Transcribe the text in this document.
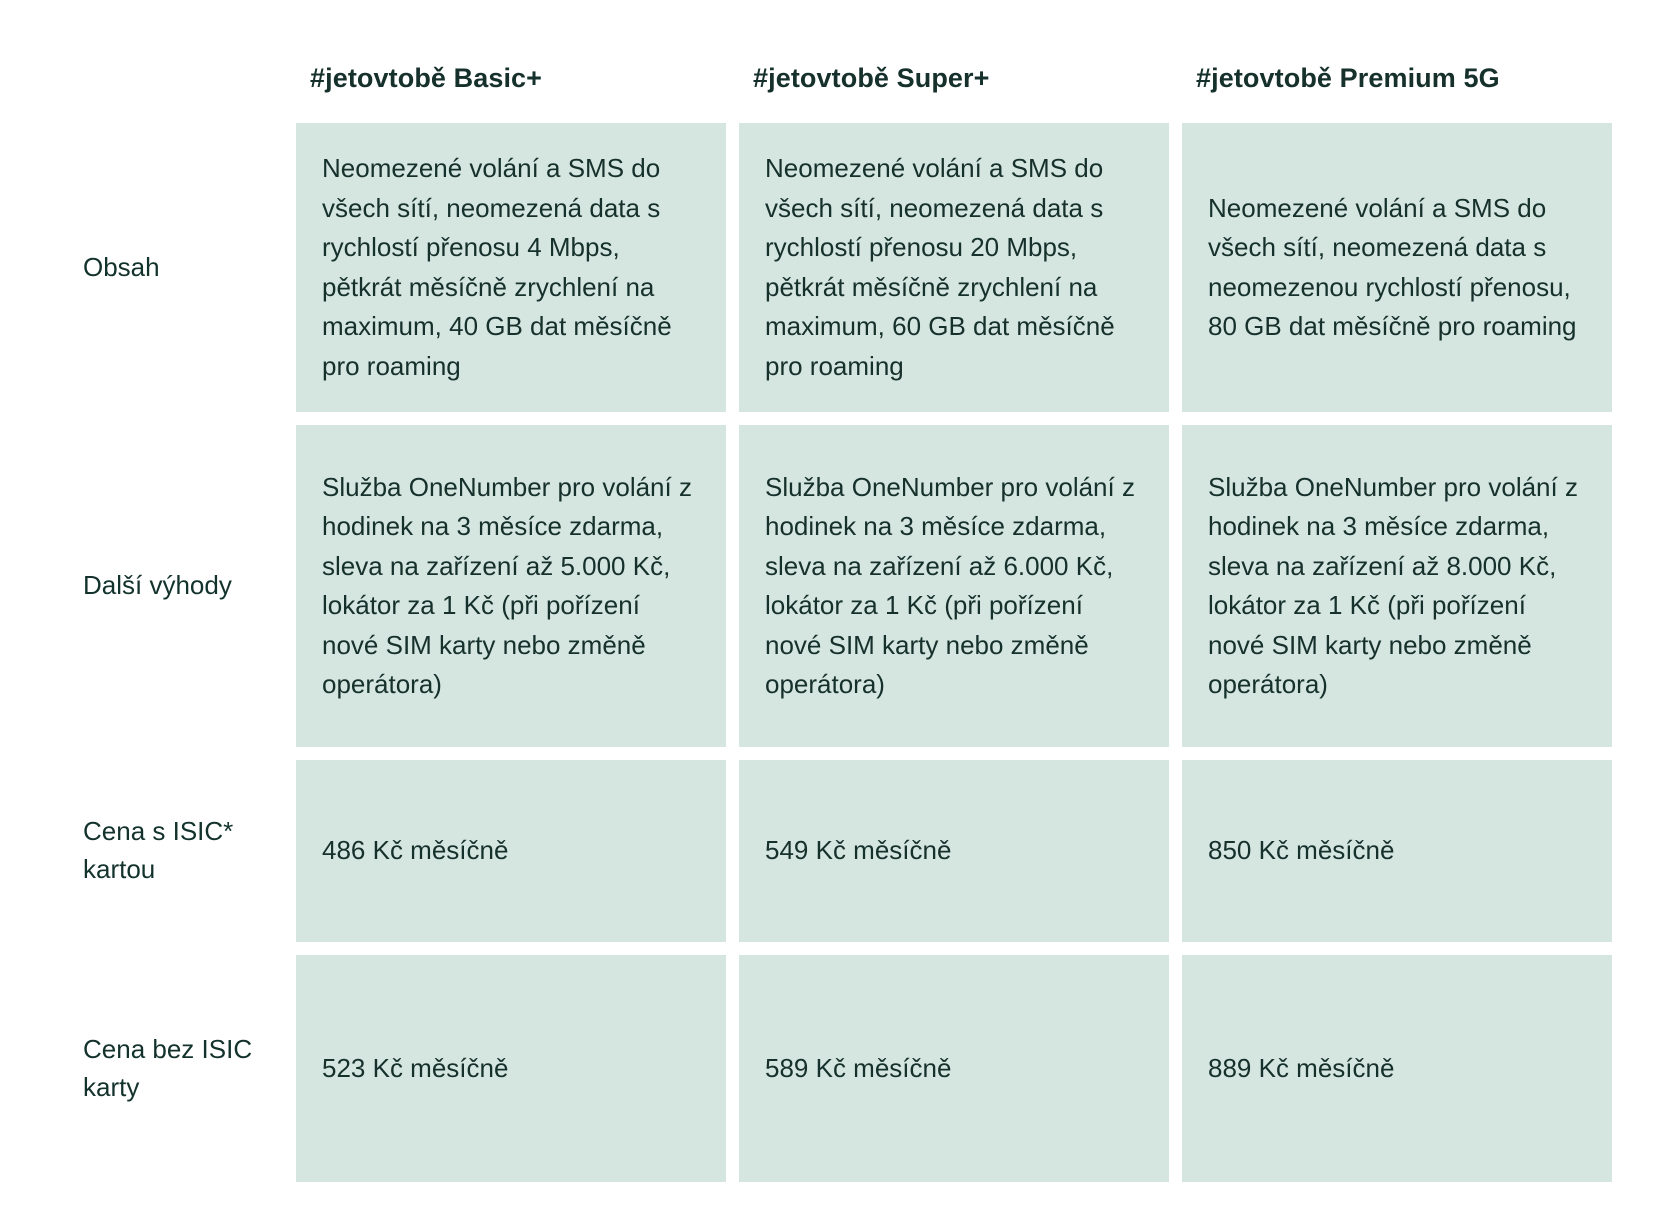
	#jetovtobě Basic+	#jetovtobě Super+	#jetovtobě Premium 5G
Obsah	Neomezené volání a SMS do všech sítí, neomezená data s rychlostí přenosu 4 Mbps, pětkrát měsíčně zrychlení na maximum, 40 GB dat měsíčně pro roaming	Neomezené volání a SMS do všech sítí, neomezená data s rychlostí přenosu 20 Mbps, pětkrát měsíčně zrychlení na maximum, 60 GB dat měsíčně pro roaming	Neomezené volání a SMS do všech sítí, neomezená data s neomezenou rychlostí přenosu, 80 GB dat měsíčně pro roaming
Další výhody	Služba OneNumber pro volání z hodinek na 3 měsíce zdarma, sleva na zařízení až 5.000 Kč, lokátor za 1 Kč (při pořízení nové SIM karty nebo změně operátora)	Služba OneNumber pro volání z hodinek na 3 měsíce zdarma, sleva na zařízení až 6.000 Kč, lokátor za 1 Kč (při pořízení nové SIM karty nebo změně operátora)	Služba OneNumber pro volání z hodinek na 3 měsíce zdarma, sleva na zařízení až 8.000 Kč, lokátor za 1 Kč (při pořízení nové SIM karty nebo změně operátora)
Cena s ISIC* kartou	486 Kč měsíčně	549 Kč měsíčně	850 Kč měsíčně
Cena bez ISIC karty	523 Kč měsíčně	589 Kč měsíčně	889 Kč měsíčně
